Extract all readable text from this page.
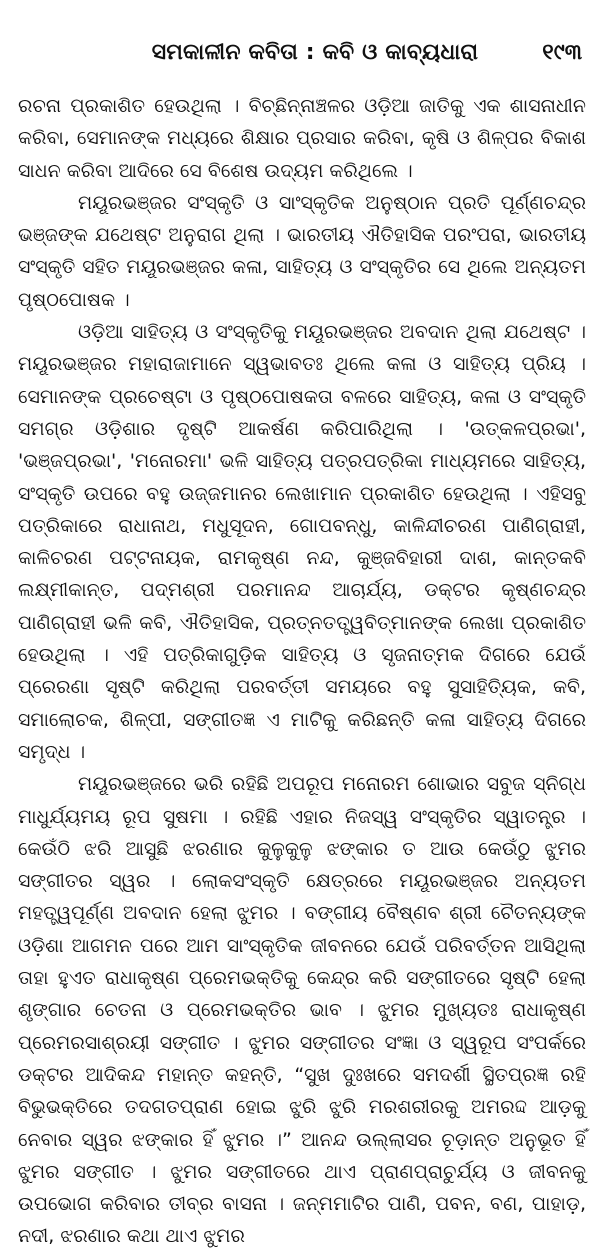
ସମକାଳୀନ କବିତା : କବି ଓ କାବ୍ୟଧାରା	୧୯୩

ରଚନା ପ୍ରକାଶିତ ହେଉଥିଲା । ବିଚ୍ଛିନ୍ନାଞ୍ଚଳର ଓଡ଼ିଆ ଜାତିକୁ ଏକ ଶାସନାଧୀନ କରିବା, ସେମାନଙ୍କ ମଧ୍ୟରେ ଶିକ୍ଷାର ପ୍ରସାର କରିବା, କୃଷି ଓ ଶିଳ୍ପର ବିକାଶ ସାଧନ କରିବା ଆଦିରେ ସେ ବିଶେଷ ଉଦ୍ୟମ କରିଥିଲେ ।

ମୟୂରଭଞ୍ଜର ସଂସ୍କୃତି ଓ ସାଂସ୍କୃତିକ ଅନୁଷ୍ଠାନ ପ୍ରତି ପୂର୍ଣ୍ଣଚନ୍ଦ୍ର ଭଞ୍ଜଙ୍କ ଯଥେଷ୍ଟ ଅନୁରାଗ ଥିଲା । ଭାରତୀୟ ଐତିହାସିକ ପରଂପରା, ଭାରତୀୟ ସଂସ୍କୃତି ସହିତ ମୟୂରଭଞ୍ଜର କଳା, ସାହିତ୍ୟ ଓ ସଂସ୍କୃତିର ସେ ଥିଲେ ଅନ୍ୟତମ ପୃଷ୍ଠପୋଷକ ।

ଓଡ଼ିଆ ସାହିତ୍ୟ ଓ ସଂସ୍କୃତିକୁ ମୟୂରଭଞ୍ଜର ଅବଦାନ ଥିଲା ଯଥେଷ୍ଟ । ମୟୂରଭଞ୍ଜର ମହାରାଜାମାନେ ସ୍ୱଭାବତଃ ଥିଲେ କଳା ଓ ସାହିତ୍ୟ ପ୍ରିୟ । ସେମାନଙ୍କ ପ୍ରଚେଷ୍ଟା ଓ ପୃଷ୍ଠପୋଷକତା ବଳରେ ସାହିତ୍ୟ, କଳା ଓ ସଂସ୍କୃତି ସମଗ୍ର ଓଡ଼ିଶାର ଦୃଷ୍ଟି ଆକର୍ଷଣ କରିପାରିଥିଲା । 'ଉତ୍କଳପ୍ରଭା', 'ଭଞ୍ଜପ୍ରଭା', 'ମନୋରମା' ଭଳି ସାହିତ୍ୟ ପତ୍ରପତ୍ରିକା ମାଧ୍ୟମରେ ସାହିତ୍ୟ, ସଂସ୍କୃତି ଉପରେ ବହୁ ଉଜ୍ଜମାନର ଲେଖାମାନ ପ୍ରକାଶିତ ହେଉଥିଲା । ଏହିସବୁ ପତ୍ରିକାରେ ରାଧାନାଥ, ମଧୁସୂଦନ, ଗୋପବନ୍ଧୁ, କାଳିନ୍ଦୀଚରଣ ପାଣିଗ୍ରାହୀ, କାଳିଚରଣ ପଟ୍ଟନାୟକ, ରାମକୃଷ୍ଣ ନନ୍ଦ, କୁଞ୍ଜବିହାରୀ ଦାଶ, କାନ୍ତକବି ଲକ୍ଷ୍ମୀକାନ୍ତ, ପଦ୍ମଶ୍ରୀ ପରମାନନ୍ଦ ଆଚାର୍ଯ୍ୟ, ଡକ୍ଟର କୃଷ୍ଣଚନ୍ଦ୍ର ପାଣିଗ୍ରାହୀ ଭଳି କବି, ଐତିହାସିକ, ପ୍ରତ୍ନତତ୍ତ୍ୱବିତ୍‌ମାନଙ୍କ ଲେଖା ପ୍ରକାଶିତ ହେଉଥିଲା । ଏହି ପତ୍ରିକାଗୁଡ଼ିକ ସାହିତ୍ୟ ଓ ସୃଜନାତ୍ମକ ଦିଗରେ ଯେଉଁ ପ୍ରେରଣା ସୃଷ୍ଟି କରିଥିଲା ପରବର୍ତ୍ତୀ ସମୟରେ ବହୁ ସୁସାହିତ୍ୟିକ, କବି, ସମାଲୋଚକ, ଶିଳ୍ପୀ, ସଙ୍ଗୀତଜ୍ଞ ଏ ମାଟିକୁ କରିଛନ୍ତି କଳା ସାହିତ୍ୟ ଦିଗରେ ସମୃଦ୍ଧ ।

ମୟୂରଭଞ୍ଜରେ ଭରି ରହିଛି ଅପରୂପ ମନୋରମ ଶୋଭାର ସବୁଜ ସ୍ନିଗ୍ଧ ମାଧୁର୍ଯ୍ୟମୟ ରୂପ ସୁଷମା । ରହିଛି ଏହାର ନିଜସ୍ୱ ସଂସ୍କୃତିର ସ୍ୱାତନ୍ତ୍ର । କେଉଁଠି ଝରି ଆସୁଛି ଝରଣାର କୁଳୁକୁଳୁ ଝଙ୍କାର ତ ଆଉ କେଉଁଠୁ ଝୁମର ସଙ୍ଗୀତର ସ୍ୱର । ଲୋକସଂସ୍କୃତି କ୍ଷେତ୍ରରେ ମୟୂରଭଞ୍ଜର ଅନ୍ୟତମ ମହତ୍ତ୍ୱପୂର୍ଣ୍ଣ ଅବଦାନ ହେଲା ଝୁମର । ବଙ୍ଗୀୟ ବୈଷ୍ଣବ ଶ୍ରୀ ଚୈତନ୍ୟଙ୍କ ଓଡ଼ିଶା ଆଗମନ ପରେ ଆମ ସାଂସ୍କୃତିକ ଜୀବନରେ ଯେଉଁ ପରିବର୍ତ୍ତନ ଆସିଥିଲା ତାହା ହୁଏତ ରାଧାକୃଷ୍ଣ ପ୍ରେମଭକ୍ତିକୁ କେନ୍ଦ୍ର କରି ସଙ୍ଗୀତରେ ସୃଷ୍ଟି ହେଲା ଶୃଙ୍ଗାର ଚେତନା ଓ ପ୍ରେମଭକ୍ତିର ଭାବ । ଝୁମର ମୁଖ୍ୟତଃ ରାଧାକୃଷ୍ଣ ପ୍ରେମରସାଶ୍ରୟୀ ସଙ୍ଗୀତ । ଝୁମର ସଙ୍ଗୀତର ସଂଜ୍ଞା ଓ ସ୍ୱରୂପ ସଂପର୍କରେ ଡକ୍ଟର ଆଦିକନ୍ଦ ମହାନ୍ତ କହନ୍ତି, “ସୁଖ ଦୁଃଖରେ ସମଦର୍ଶୀ ସ୍ଥିତପ୍ରଜ୍ଞ ରହି ବିଭୁଭକ୍ତିରେ ତଦଗତପ୍ରାଣ ହୋଇ ଝୁରି ଝୁରି ମରଶରୀରକୁ ଅମରଦ୍ଦ ଆଡ଼କୁ ନେବାର ସ୍ୱର ଝଙ୍କାର ହିଁ ଝୁମର ।” ଆନନ୍ଦ ଉଲ୍ଲାସର ଚୂଡ଼ାନ୍ତ ଅନୁଭୂତ ହିଁ ଝୁମର ସଙ୍ଗୀତ । ଝୁମର ସଙ୍ଗୀତରେ ଥାଏ ପ୍ରାଣପ୍ରାଚୁର୍ଯ୍ୟ ଓ ଜୀବନକୁ ଉପଭୋଗ କରିବାର ତୀବ୍ର ବାସନା । ଜନ୍ମମାଟିର ପାଣି, ପବନ, ବଣ, ପାହାଡ଼, ନଦୀ, ଝରଣାର କଥା ଥାଏ ଝୁମର
